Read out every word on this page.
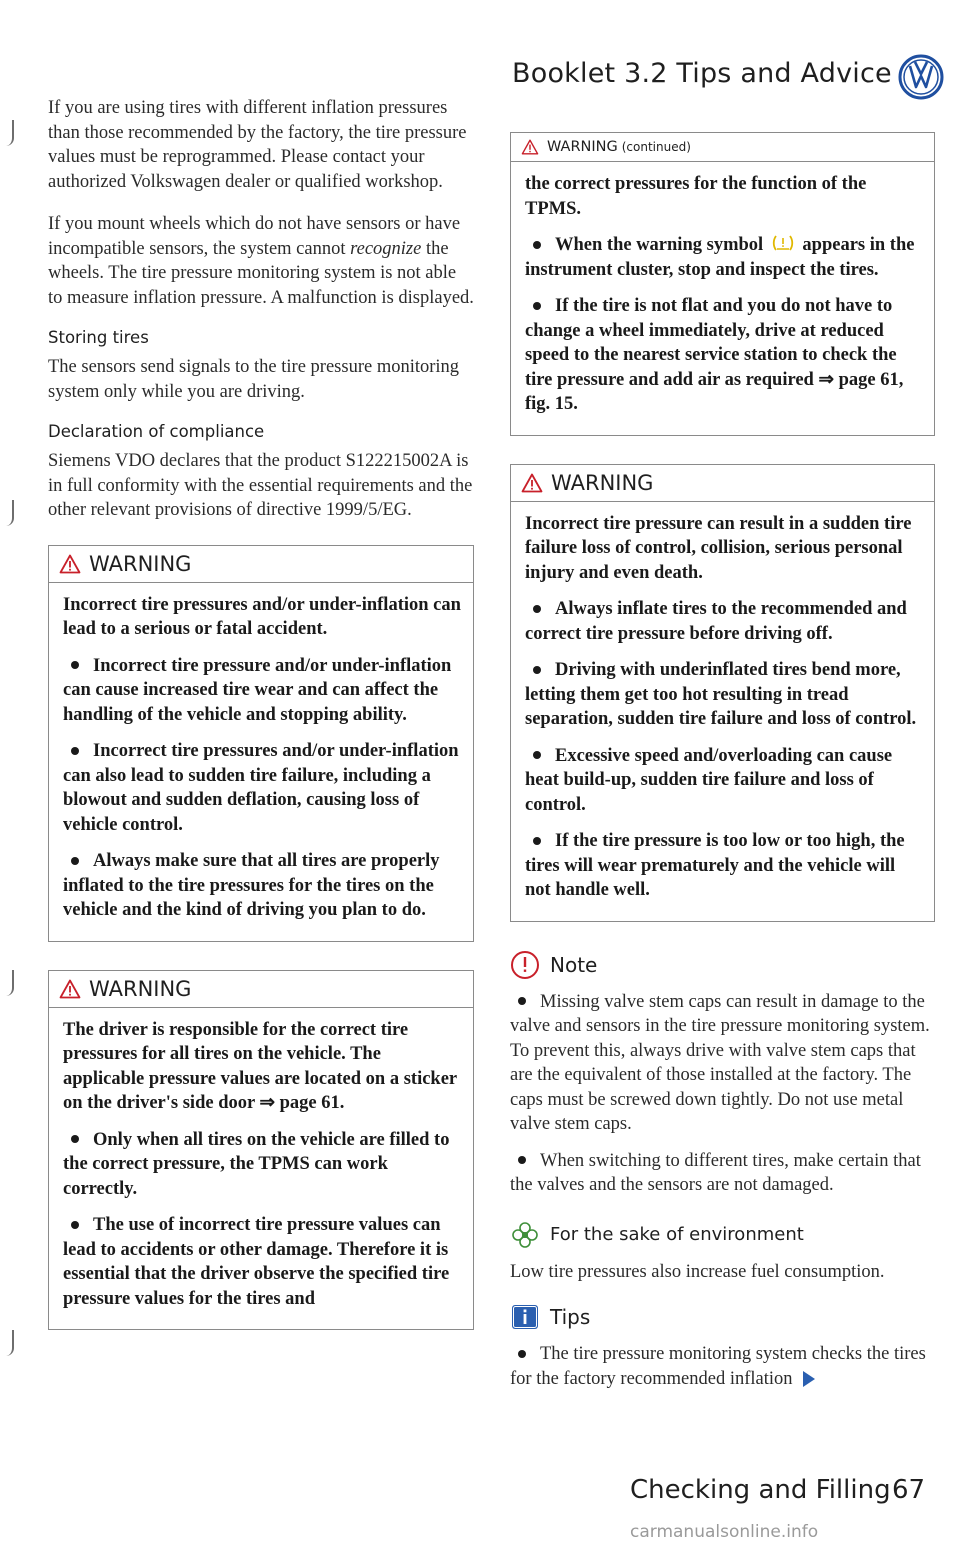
Booklet 3.2 Tips and Advice

If you are using tires with different inflation pressures than those recommended by the factory, the tire pressure values must be reprogrammed. Please contact your authorized Volkswagen dealer or qualified workshop.

If you mount wheels which do not have sensors or have incompatible sensors, the system cannot recognize the wheels. The tire pressure monitoring system is not able to measure inflation pressure. A malfunction is displayed.

Storing tires

The sensors send signals to the tire pressure monitoring system only while you are driving.

Declaration of compliance

Siemens VDO declares that the product S122215002A is in full conformity with the essential requirements and the other relevant provisions of directive 1999/5/EG.

WARNING

Incorrect tire pressures and/or under-inflation can lead to a serious or fatal accident.

Incorrect tire pressure and/or under-inflation can cause increased tire wear and can affect the handling of the vehicle and stopping ability.

Incorrect tire pressures and/or under-inflation can also lead to sudden tire failure, including a blowout and sudden deflation, causing loss of vehicle control.

Always make sure that all tires are properly inflated to the tire pressures for the tires on the vehicle and the kind of driving you plan to do.

WARNING

The driver is responsible for the correct tire pressures for all tires on the vehicle. The applicable pressure values are located on a sticker on the driver's side door ⇒ page 61.

Only when all tires on the vehicle are filled to the correct pressure, the TPMS can work correctly.

The use of incorrect tire pressure values can lead to accidents or other damage. Therefore it is essential that the driver observe the specified tire pressure values for the tires and

WARNING (continued)

the correct pressures for the function of the TPMS.

When the warning symbol appears in the instrument cluster, stop and inspect the tires.

If the tire is not flat and you do not have to change a wheel immediately, drive at reduced speed to the nearest service station to check the tire pressure and add air as required ⇒ page 61, fig. 15.

WARNING

Incorrect tire pressure can result in a sudden tire failure loss of control, collision, serious personal injury and even death.

Always inflate tires to the recommended and correct tire pressure before driving off.

Driving with underinflated tires bend more, letting them get too hot resulting in tread separation, sudden tire failure and loss of control.

Excessive speed and/overloading can cause heat build-up, sudden tire failure and loss of control.

If the tire pressure is too low or too high, the tires will wear prematurely and the vehicle will not handle well.

Note

Missing valve stem caps can result in damage to the valve and sensors in the tire pressure monitoring system. To prevent this, always drive with valve stem caps that are the equivalent of those installed at the factory. The caps must be screwed down tightly. Do not use metal valve stem caps.

When switching to different tires, make certain that the valves and the sensors are not damaged.

For the sake of environment

Low tire pressures also increase fuel consumption.

Tips

The tire pressure monitoring system checks the tires for the factory recommended inflation

Checking and Filling 67
carmanualsonline.info
